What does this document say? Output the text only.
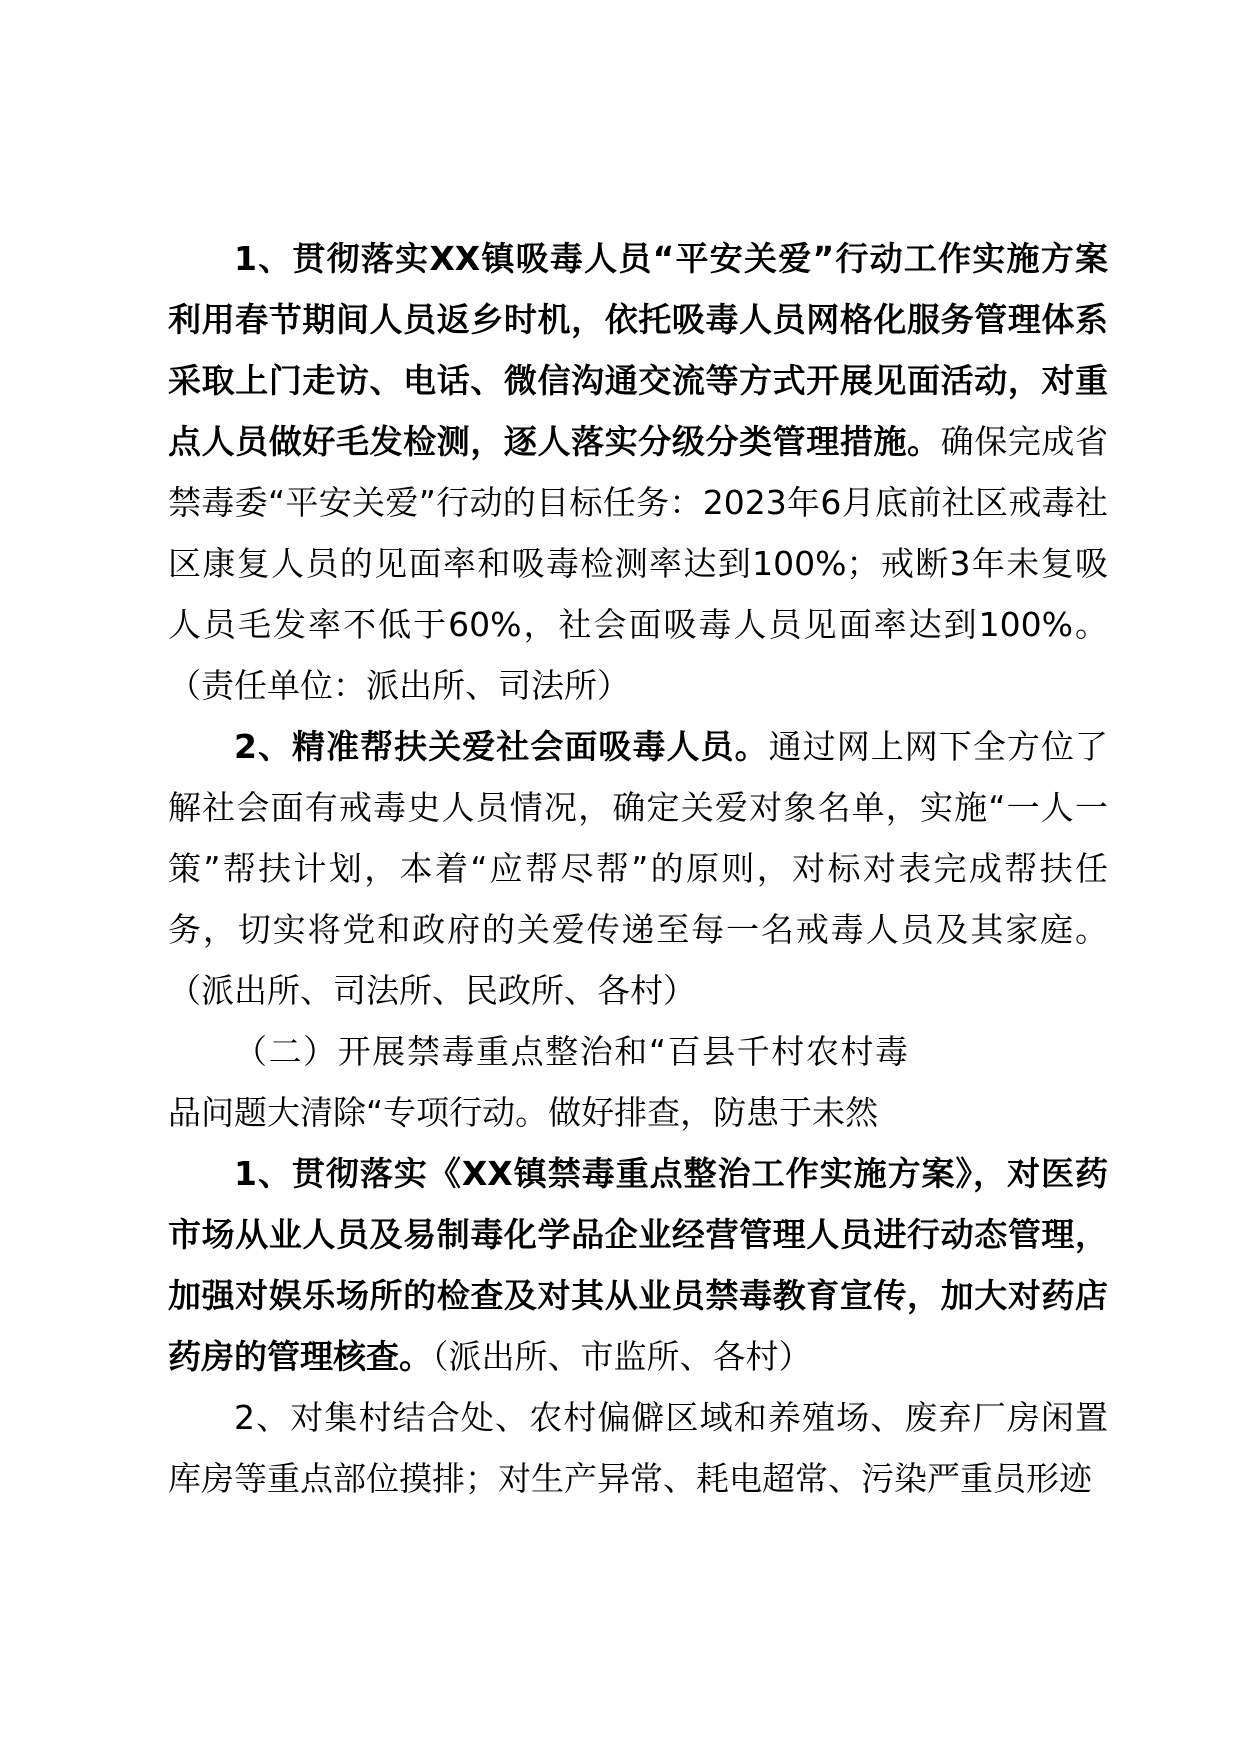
1、贯彻落实XX镇吸毒人员“平安关爱”行动工作实施方案利用春节期间人员返乡时机，依托吸毒人员网格化服务管理体系采取上门走访、电话、微信沟通交流等方式开展见面活动，对重点人员做好毛发检测，逐人落实分级分类管理措施。确保完成省禁毒委“平安关爱”行动的目标任务：2023年6月底前社区戒毒社区康复人员的见面率和吸毒检测率达到100%；戒断3年未复吸人员毛发率不低于60%，社会面吸毒人员见面率达到100%。（责任单位：派出所、司法所）

2、精准帮扶关爱社会面吸毒人员。通过网上网下全方位了解社会面有戒毒史人员情况，确定关爱对象名单，实施“一人一策”帮扶计划，本着“应帮尽帮”的原则，对标对表完成帮扶任务，切实将党和政府的关爱传递至每一名戒毒人员及其家庭。（派出所、司法所、民政所、各村）

（二）开展禁毒重点整治和“百县千村农村毒品问题大清除“专项行动。做好排查，防患于未然

1、贯彻落实《XX镇禁毒重点整治工作实施方案》，对医药市场从业人员及易制毒化学品企业经营管理人员进行动态管理，加强对娱乐场所的检查及对其从业员禁毒教育宣传，加大对药店药房的管理核查。（派出所、市监所、各村）

2、对集村结合处、农村偏僻区域和养殖场、废弃厂房闲置库房等重点部位摸排；对生产异常、耗电超常、污染严重员形迹
